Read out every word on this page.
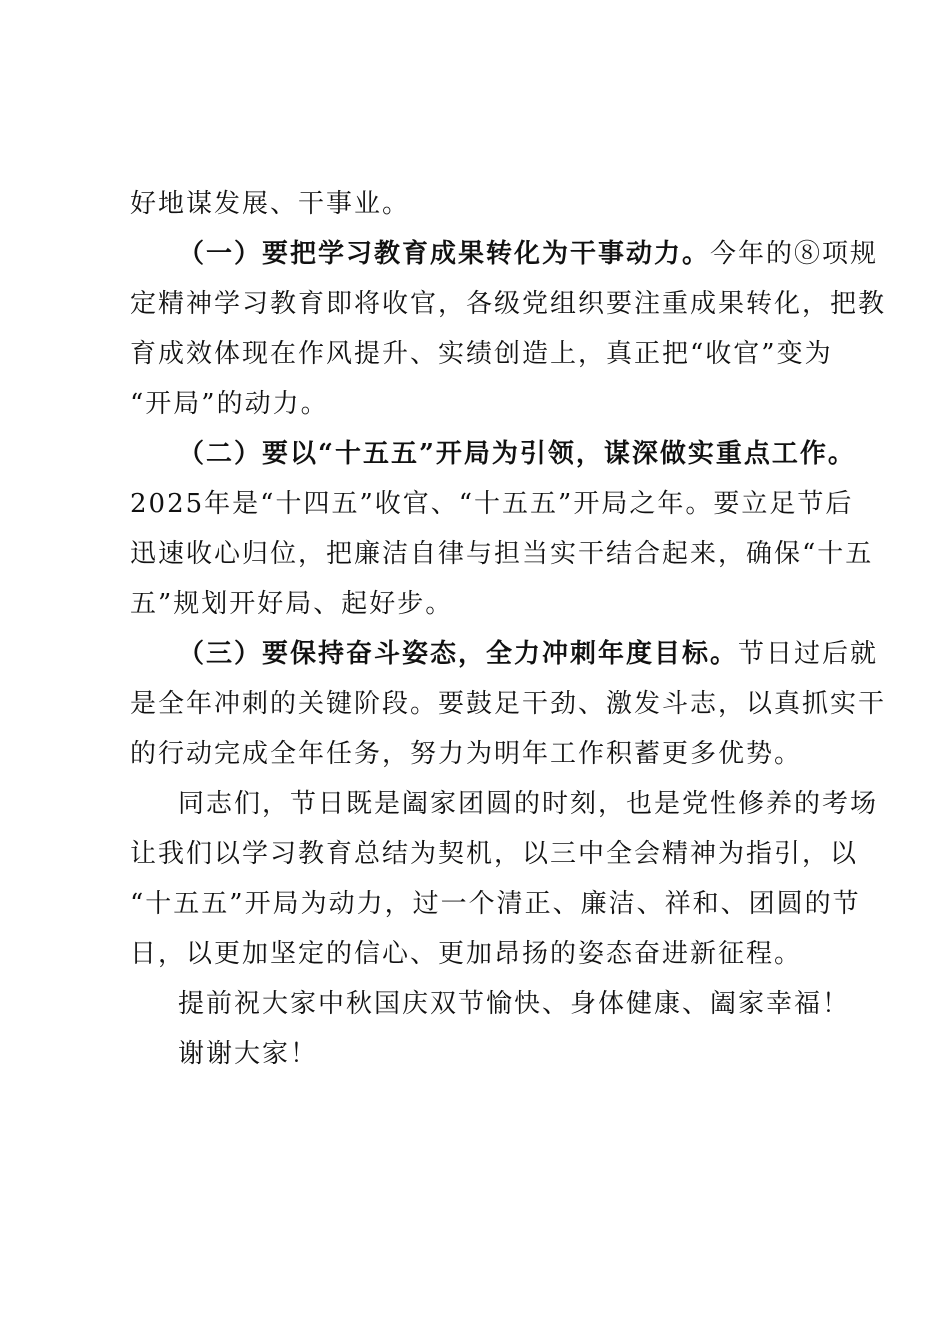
好地谋发展、干事业。
（一）要把学习教育成果转化为干事动力。今年的⑧项规
定精神学习教育即将收官，各级党组织要注重成果转化，把教
育成效体现在作风提升、实绩创造上，真正把“收官”变为
“开局”的动力。
（二）要以“十五五”开局为引领，谋深做实重点工作。
2025年是“十四五”收官、“十五五”开局之年。要立足节后
迅速收心归位，把廉洁自律与担当实干结合起来，确保“十五
五”规划开好局、起好步。
（三）要保持奋斗姿态，全力冲刺年度目标。节日过后就
是全年冲刺的关键阶段。要鼓足干劲、激发斗志，以真抓实干
的行动完成全年任务，努力为明年工作积蓄更多优势。
同志们，节日既是阖家团圆的时刻，也是党性修养的考场
让我们以学习教育总结为契机，以三中全会精神为指引，以
“十五五”开局为动力，过一个清正、廉洁、祥和、团圆的节
日，以更加坚定的信心、更加昂扬的姿态奋进新征程。
提前祝大家中秋国庆双节愉快、身体健康、阖家幸福！
谢谢大家！
